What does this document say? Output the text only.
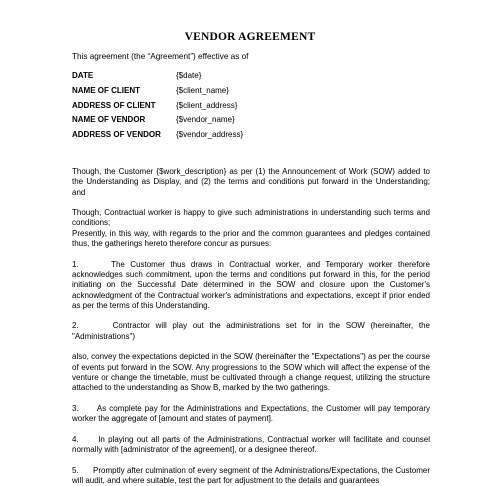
VENDOR AGREEMENT
This agreement (the “Agreement”) effective as of
DATE	{$date}
NAME OF CLIENT	{$client_name}
ADDRESS OF CLIENT	{$client_address}
NAME OF VENDOR	{$vendor_name}
ADDRESS OF VENDOR {$vendor_address}

Though, the Customer {$work_description} as per (1) the Announcement of Work (SOW) added to the Understanding as Display, and (2) the terms and conditions put forward in the Understanding; and

Though, Contractual worker is happy to give such administrations in understanding such terms and conditions;

Presently, in this way, with regards to the prior and the common guarantees and pledges contained thus, the gatherings hereto therefore concur as pursues:

1.      The Customer thus draws in Contractual worker, and Temporary worker therefore acknowledges such commitment, upon the terms and conditions put forward in this, for the period initiating on the Successful Date determined in the SOW and closure upon the Customer's acknowledgment of the Contractual worker's administrations and expectations, except if prior ended as per the terms of this Understanding.

2.      Contractor will play out the administrations set for in the SOW (hereinafter, the "Administrations")

also, convey the expectations depicted in the SOW (hereinafter the "Expectations") as per the course of events put forward in the SOW. Any progressions to the SOW which will affect the expense of the venture or change the timetable, must be cultivated through a change request, utilizing the structure attached to the understanding as Show B, marked by the two gatherings.

3.      As complete pay for the Administrations and Expectations, the Customer will pay temporary worker the aggregate of [amount and states of payment].

4.      In playing out all parts of the Administrations, Contractual worker will facilitate and counsel normally with [administrator of the agreement], or a designee thereof.

5.      Promptly after culmination of every segment of the Administrations/Expectations, the Customer will audit, and where suitable, test the part for adjustment to the details and guarantees
